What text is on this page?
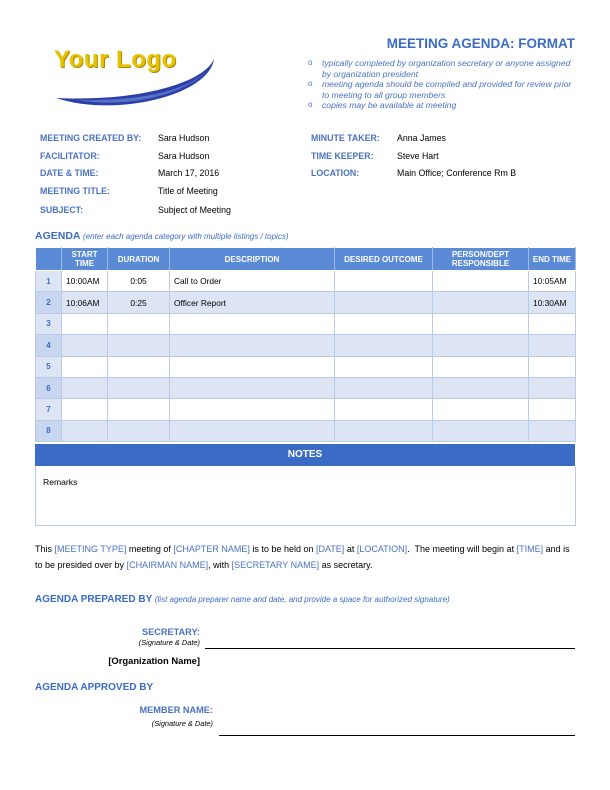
Your Logo
MEETING AGENDA: FORMAT
o typically completed by organization secretary or anyone assigned by organization president
o meeting agenda should be compiled and provided for review prior to meeting to all group members
o copies may be available at meeting
MEETING CREATED BY: Sara Hudson
FACILITATOR:	Sara Hudson
DATE & TIME:	March 17, 2016
MEETING TITLE:	Title of Meeting
SUBJECT:	Subject of Meeting
MINUTE TAKER: Anna James
TIME KEEPER:	Steve Hart
LOCATION:	Main Office; Conference Rm B
AGENDA (enter each agenda category with multiple listings / topics)
	START TIME	DURATION	DESCRIPTION	DESIRED OUTCOME	PERSON/DEPT RESPONSIBLE	END TIME
1	10:00AM	0:05	Call to Order			10:05AM
2	10:06AM	0:25	Officer Report			10:30AM
3						
4						
5						
6						
7						
8						
NOTES
Remarks
This [MEETING TYPE] meeting of [CHAPTER NAME] is to be held on [DATE] at [LOCATION].  The meeting will begin at [TIME] and is to be presided over by [CHAIRMAN NAME], with [SECRETARY NAME] as secretary.
AGENDA PREPARED BY (list agenda preparer name and date, and provide a space for authorized signature)
SECRETARY:
(Signature & Date)
[Organization Name]
AGENDA APPROVED BY
MEMBER NAME:
(Signature & Date)
